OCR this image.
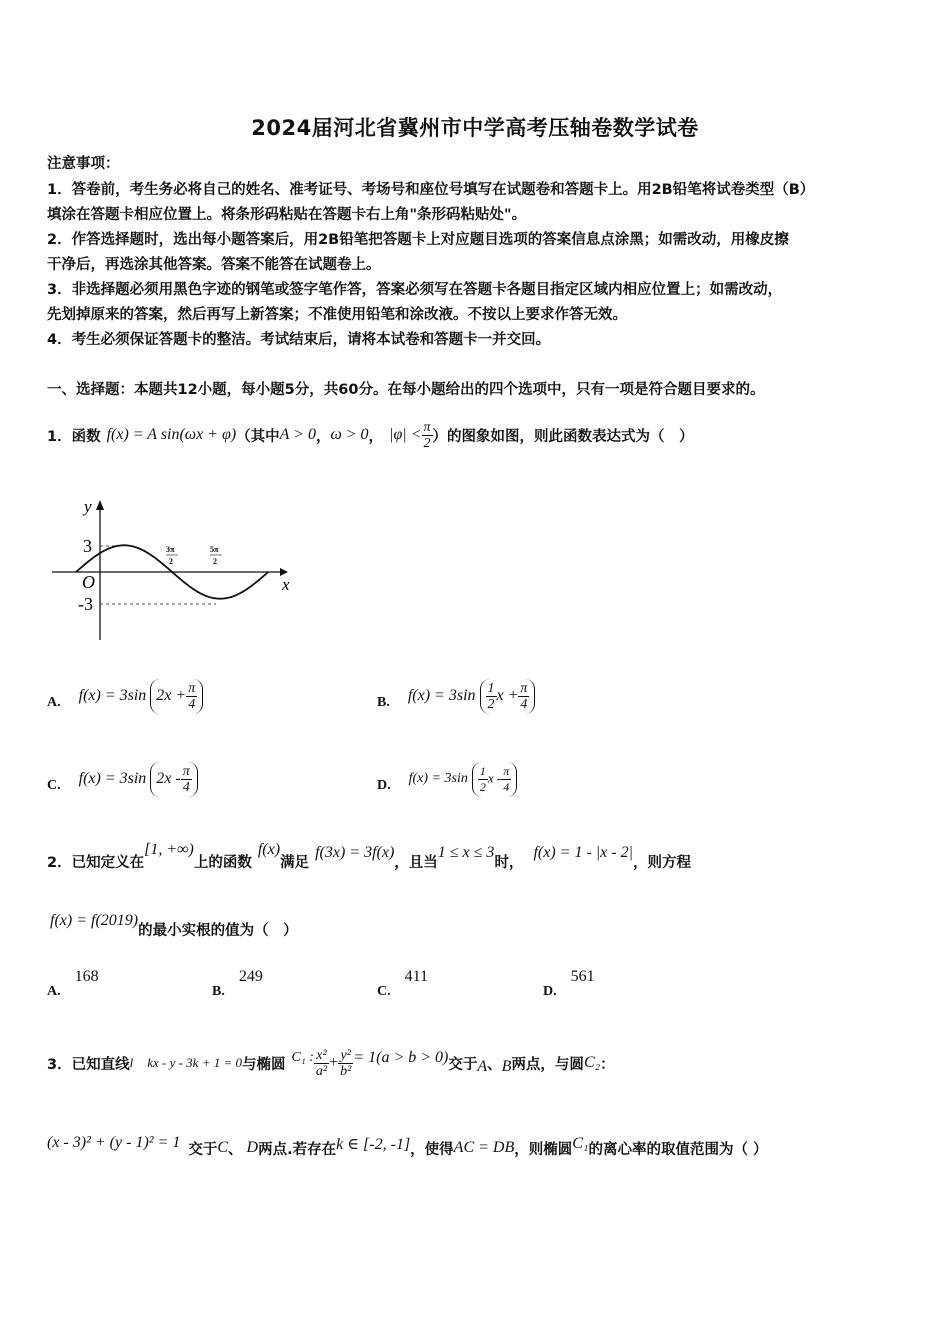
2024届河北省冀州市中学高考压轴卷数学试卷
注意事项：
1．答卷前，考生务必将自己的姓名、准考证号、考场号和座位号填写在试题卷和答题卡上。用2B铅笔将试卷类型（B）
填涂在答题卡相应位置上。将条形码粘贴在答题卡右上角"条形码粘贴处"。
2．作答选择题时，选出每小题答案后，用2B铅笔把答题卡上对应题目选项的答案信息点涂黑；如需改动，用橡皮擦
干净后，再选涂其他答案。答案不能答在试题卷上。
3．非选择题必须用黑色字迹的钢笔或签字笔作答，答案必须写在答题卡各题目指定区域内相应位置上；如需改动，
先划掉原来的答案，然后再写上新答案；不准使用铅笔和涂改液。不按以上要求作答无效。
4．考生必须保证答题卡的整洁。考试结束后，请将本试卷和答题卡一并交回。
一、选择题：本题共12小题，每小题5分，共60分。在每小题给出的四个选项中，只有一项是符合题目要求的。
1．函数 f(x) = A sin(ωx + φ) （其中 A > 0 ， ω > 0 ， $|\varphi| < \frac{\pi}{2}$ ）的图象如图，则此函数表达式为（　）
y
x
O
3
-3
3π
2
5π
2
A. f(x) = 3sin $2x + \frac{\pi}{4}$	B. $f(x) = 3\sin \frac{1}{2}$ $x + \frac{\pi}{4}$
C. f(x) = 3sin $2x - \frac{\pi}{4}$	D. $f(x) = 3\sin \frac{1}{2}$ x - $\frac{\pi}{4}$
2．已知定义在
[1, +∞)
上的函数
f(x)
满足
f(3x) = 3f(x)
，且当
1 ≤ x ≤ 3
时，
f(x) = 1 - |x - 2|
，则方程
f(x) = f(2019)
的最小实根的值为（　）
A.
168
B.
249
C.
411
D.
561
3．已知直线 l kx - y - 3k + 1 = 0 与椭圆 C₁ : $\frac{\text{x²}}{\text{a²}} + \frac{\text{y²}}{\text{b²}} = 1(a > b > 0)$ 交于 A 、 B 两点，与圆 C₂ ：
(x - 3)² + (y - 1)² = 1 交于 C 、 D 两点.若存在 k ∈ [-2, -1] ，使得 AC = DB ，则椭圆 C₁ 的离心率的取值范围为（ ）
